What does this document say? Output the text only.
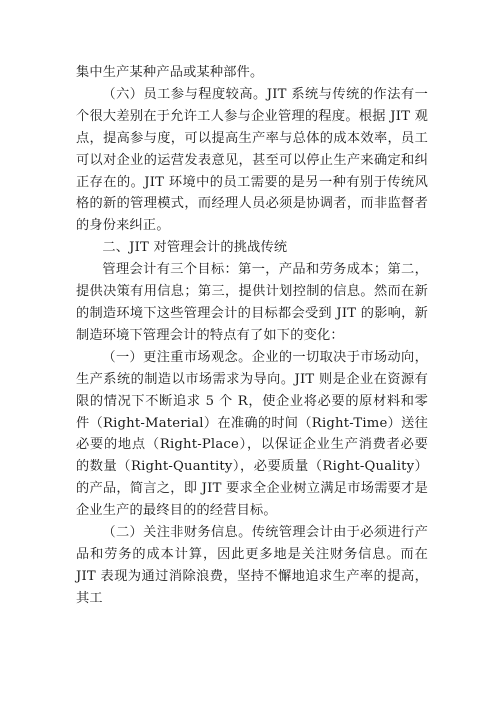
集中生产某种产品或某种部件。

（六）员工参与程度较高。JIT 系统与传统的作法有一个很大差别在于允许工人参与企业管理的程度。根据 JIT 观点，提高参与度，可以提高生产率与总体的成本效率，员工可以对企业的运营发表意见，甚至可以停止生产来确定和纠正存在的。JIT 环境中的员工需要的是另一种有别于传统风格的新的管理模式，而经理人员必须是协调者，而非监督者的身份来纠正。

二、JIT 对管理会计的挑战传统

管理会计有三个目标：第一，产品和劳务成本；第二，提供决策有用信息；第三，提供计划控制的信息。然而在新的制造环境下这些管理会计的目标都会受到 JIT 的影响，新制造环境下管理会计的特点有了如下的变化：

（一）更注重市场观念。企业的一切取决于市场动向，生产系统的制造以市场需求为导向。JIT 则是企业在资源有限的情况下不断追求 5 个 R，使企业将必要的原材料和零件（Right-Material）在准确的时间（Right-Time）送往必要的地点（Right-Place），以保证企业生产消费者必要的数量（Right-Quantity），必要质量（Right-Quality）的产品，简言之，即 JIT 要求全企业树立满足市场需要才是企业生产的最终目的的经营目标。

（二）关注非财务信息。传统管理会计由于必须进行产品和劳务的成本计算，因此更多地是关注财务信息。而在 JIT 表现为通过消除浪费，坚持不懈地追求生产率的提高，其工
